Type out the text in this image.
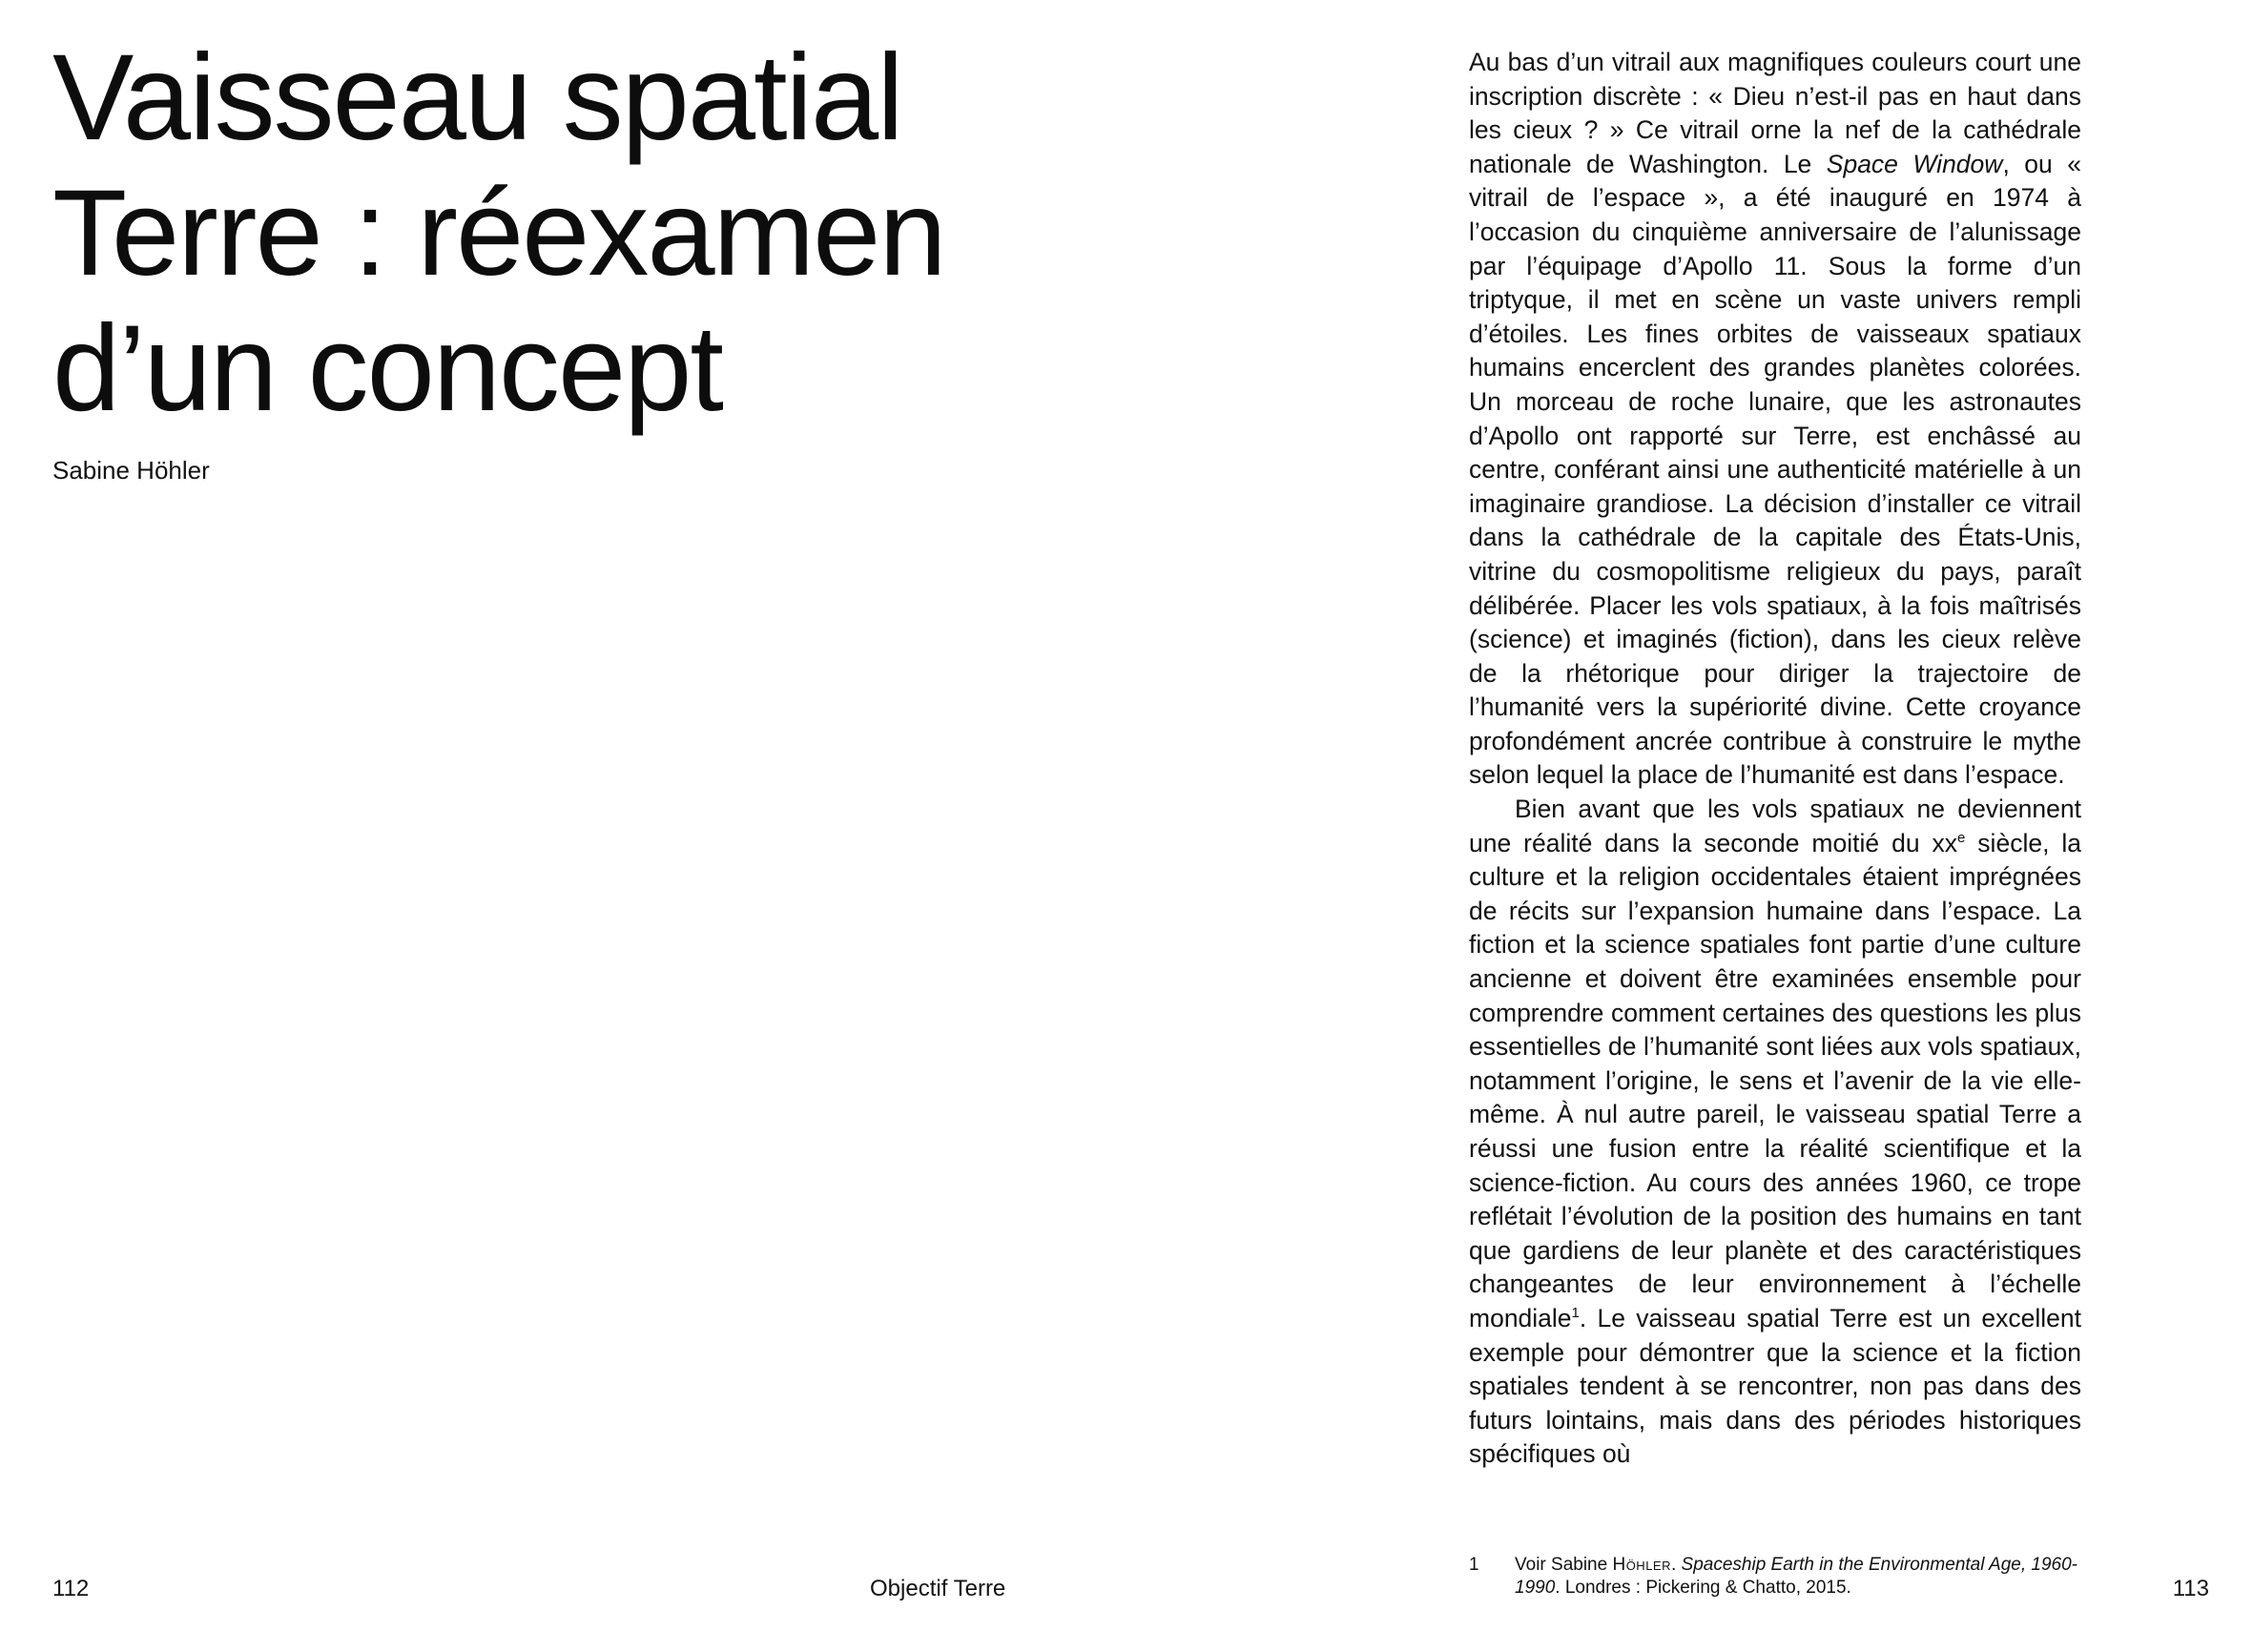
Vaisseau spatial
Terre : réexamen
d’un concept
Sabine Höhler
112	Objectif Terre

Au bas d’un vitrail aux magnifiques couleurs court une inscription discrète : « Dieu n’est-il pas en haut dans les cieux ? » Ce vitrail orne la nef de la cathédrale nationale de Washington. Le Space Window, ou « vitrail de l’espace », a été inauguré en 1974 à l’occasion du cinquième anniversaire de l’alunissage par l’équipage d’Apollo 11. Sous la forme d’un triptyque, il met en scène un vaste univers rempli d’étoiles. Les fines orbites de vaisseaux spatiaux humains encerclent des grandes planètes colorées. Un morceau de roche lunaire, que les astronautes d’Apollo ont rapporté sur Terre, est enchâssé au centre, conférant ainsi une authenticité matérielle à un imaginaire grandiose. La décision d’installer ce vitrail dans la cathédrale de la capitale des États-Unis, vitrine du cosmopolitisme religieux du pays, paraît délibérée. Placer les vols spatiaux, à la fois maîtrisés (science) et imaginés (fiction), dans les cieux relève de la rhétorique pour diriger la trajectoire de l’humanité vers la supériorité divine. Cette croyance profondément ancrée contribue à construire le mythe selon lequel la place de l’humanité est dans l’espace.

Bien avant que les vols spatiaux ne deviennent une réalité dans la seconde moitié du $xx^e$ siècle, la culture et la religion occidentales étaient imprégnées de récits sur l’expansion humaine dans l’espace. La fiction et la science spatiales font partie d’une culture ancienne et doivent être examinées ensemble pour comprendre comment certaines des questions les plus essentielles de l’humanité sont liées aux vols spatiaux, notamment l’origine, le sens et l’avenir de la vie elle-même. À nul autre pareil, le vaisseau spatial Terre a réussi une fusion entre la réalité scientifique et la science-fiction. Au cours des années 1960, ce trope reflétait l’évolution de la position des humains en tant que gardiens de leur planète et des caractéristiques changeantes de leur environnement à l’échelle mondiale$^1$. Le vaisseau spatial Terre est un excellent exemple pour démontrer que la science et la fiction spatiales tendent à se rencontrer, non pas dans des futurs lointains, mais dans des périodes historiques spécifiques où

1 Voir Sabine Höhler. Spaceship Earth in the Environmental Age, 1960-1990. Londres : Pickering & Chatto, 2015.	113
